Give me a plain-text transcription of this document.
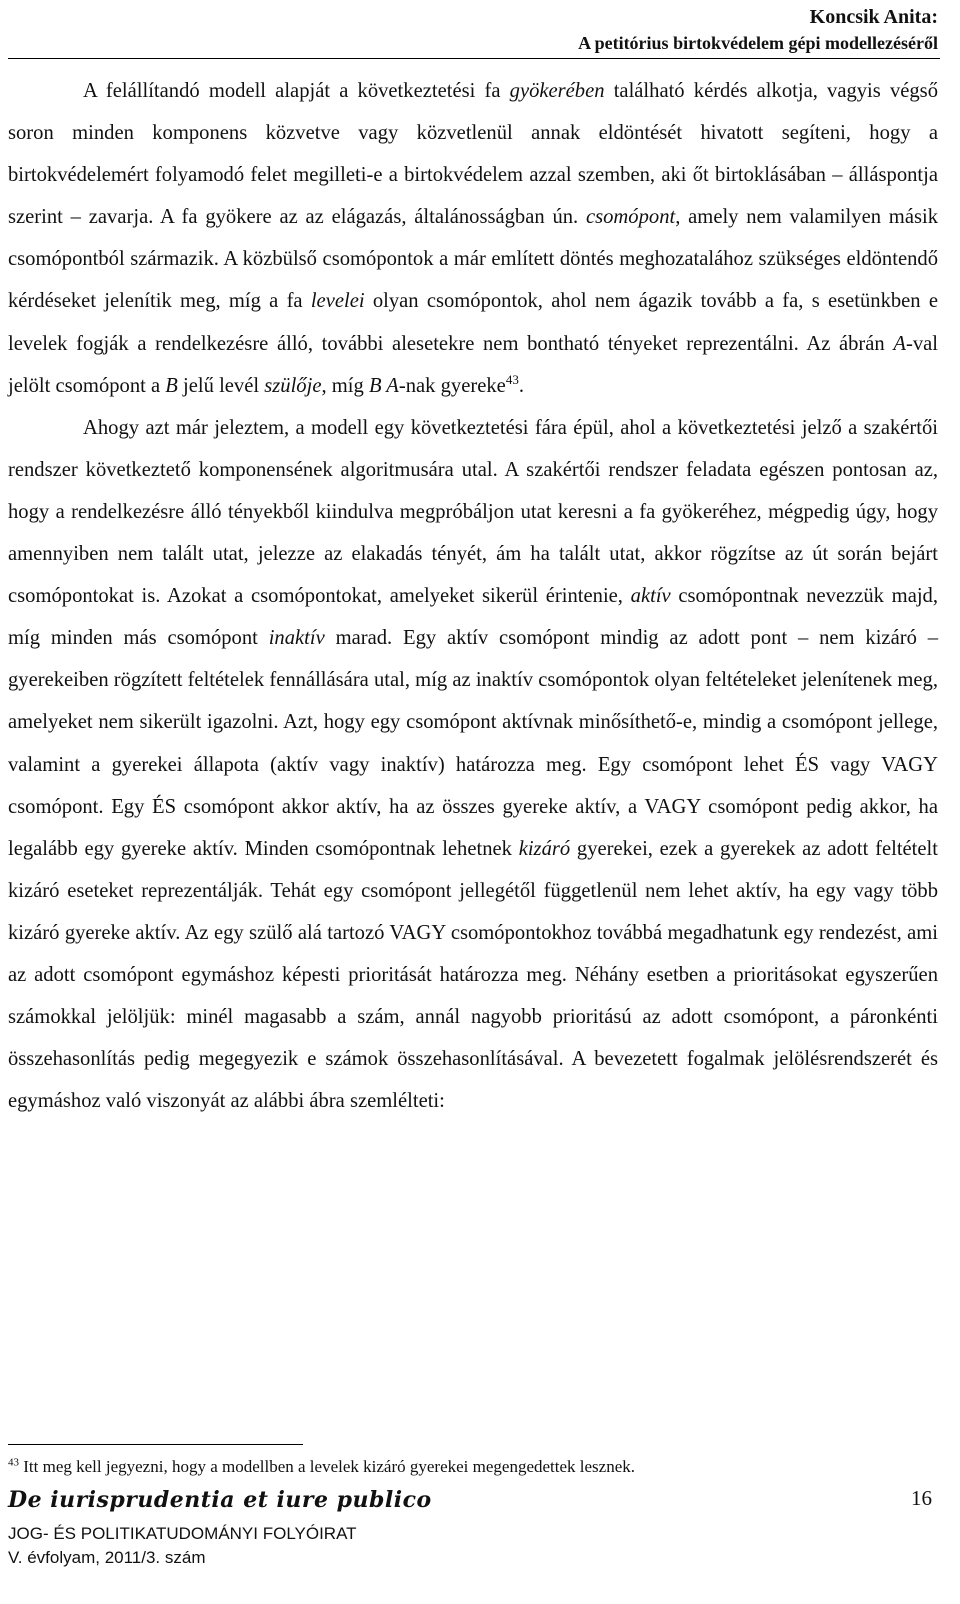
Koncsik Anita:
A petitórius birtokvédelem gépi modellezéséről

A felállítandó modell alapját a következtetési fa gyökerében található kérdés alkotja, vagyis végső soron minden komponens közvetve vagy közvetlenül annak eldöntését hivatott segíteni, hogy a birtokvédelemért folyamodó felet megilleti-e a birtokvédelem azzal szemben, aki őt birtoklásában – álláspontja szerint – zavarja. A fa gyökere az az elágazás, általánosságban ún. csomópont, amely nem valamilyen másik csomópontból származik. A közbülső csomópontok a már említett döntés meghozatalához szükséges eldöntendő kérdéseket jelenítik meg, míg a fa levelei olyan csomópontok, ahol nem ágazik tovább a fa, s esetünkben e levelek fogják a rendelkezésre álló, további alesetekre nem bontható tényeket reprezentálni. Az ábrán A-val jelölt csomópont a B jelű levél szülője, míg B A-nak gyereke$^{43}$.

Ahogy azt már jeleztem, a modell egy következtetési fára épül, ahol a következtetési jelző a szakértői rendszer következtető komponensének algoritmusára utal. A szakértői rendszer feladata egészen pontosan az, hogy a rendelkezésre álló tényekből kiindulva megpróbáljon utat keresni a fa gyökeréhez, mégpedig úgy, hogy amennyiben nem talált utat, jelezze az elakadás tényét, ám ha talált utat, akkor rögzítse az út során bejárt csomópontokat is. Azokat a csomópontokat, amelyeket sikerül érintenie, aktív csomópontnak nevezzük majd, míg minden más csomópont inaktív marad. Egy aktív csomópont mindig az adott pont – nem kizáró – gyerekeiben rögzített feltételek fennállására utal, míg az inaktív csomópontok olyan feltételeket jelenítenek meg, amelyeket nem sikerült igazolni. Azt, hogy egy csomópont aktívnak minősíthető-e, mindig a csomópont jellege, valamint a gyerekei állapota (aktív vagy inaktív) határozza meg. Egy csomópont lehet ÉS vagy VAGY csomópont. Egy ÉS csomópont akkor aktív, ha az összes gyereke aktív, a VAGY csomópont pedig akkor, ha legalább egy gyereke aktív. Minden csomópontnak lehetnek kizáró gyerekei, ezek a gyerekek az adott feltételt kizáró eseteket reprezentálják. Tehát egy csomópont jellegétől függetlenül nem lehet aktív, ha egy vagy több kizáró gyereke aktív. Az egy szülő alá tartozó VAGY csomópontokhoz továbbá megadhatunk egy rendezést, ami az adott csomópont egymáshoz képesti prioritását határozza meg. Néhány esetben a prioritásokat egyszerűen számokkal jelöljük: minél magasabb a szám, annál nagyobb prioritású az adott csomópont, a páronkénti összehasonlítás pedig megegyezik e számok összehasonlításával. A bevezetett fogalmak jelölésrendszerét és egymáshoz való viszonyát az alábbi ábra szemlélteti:

$^{43}$ Itt meg kell jegyezni, hogy a modellben a levelek kizáró gyerekei megengedettek lesznek.
De iurisprudentia et iure publico
JOG- ÉS POLITIKATUDOMÁNYI FOLYÓIRAT
V. évfolyam, 2011/3. szám
16
